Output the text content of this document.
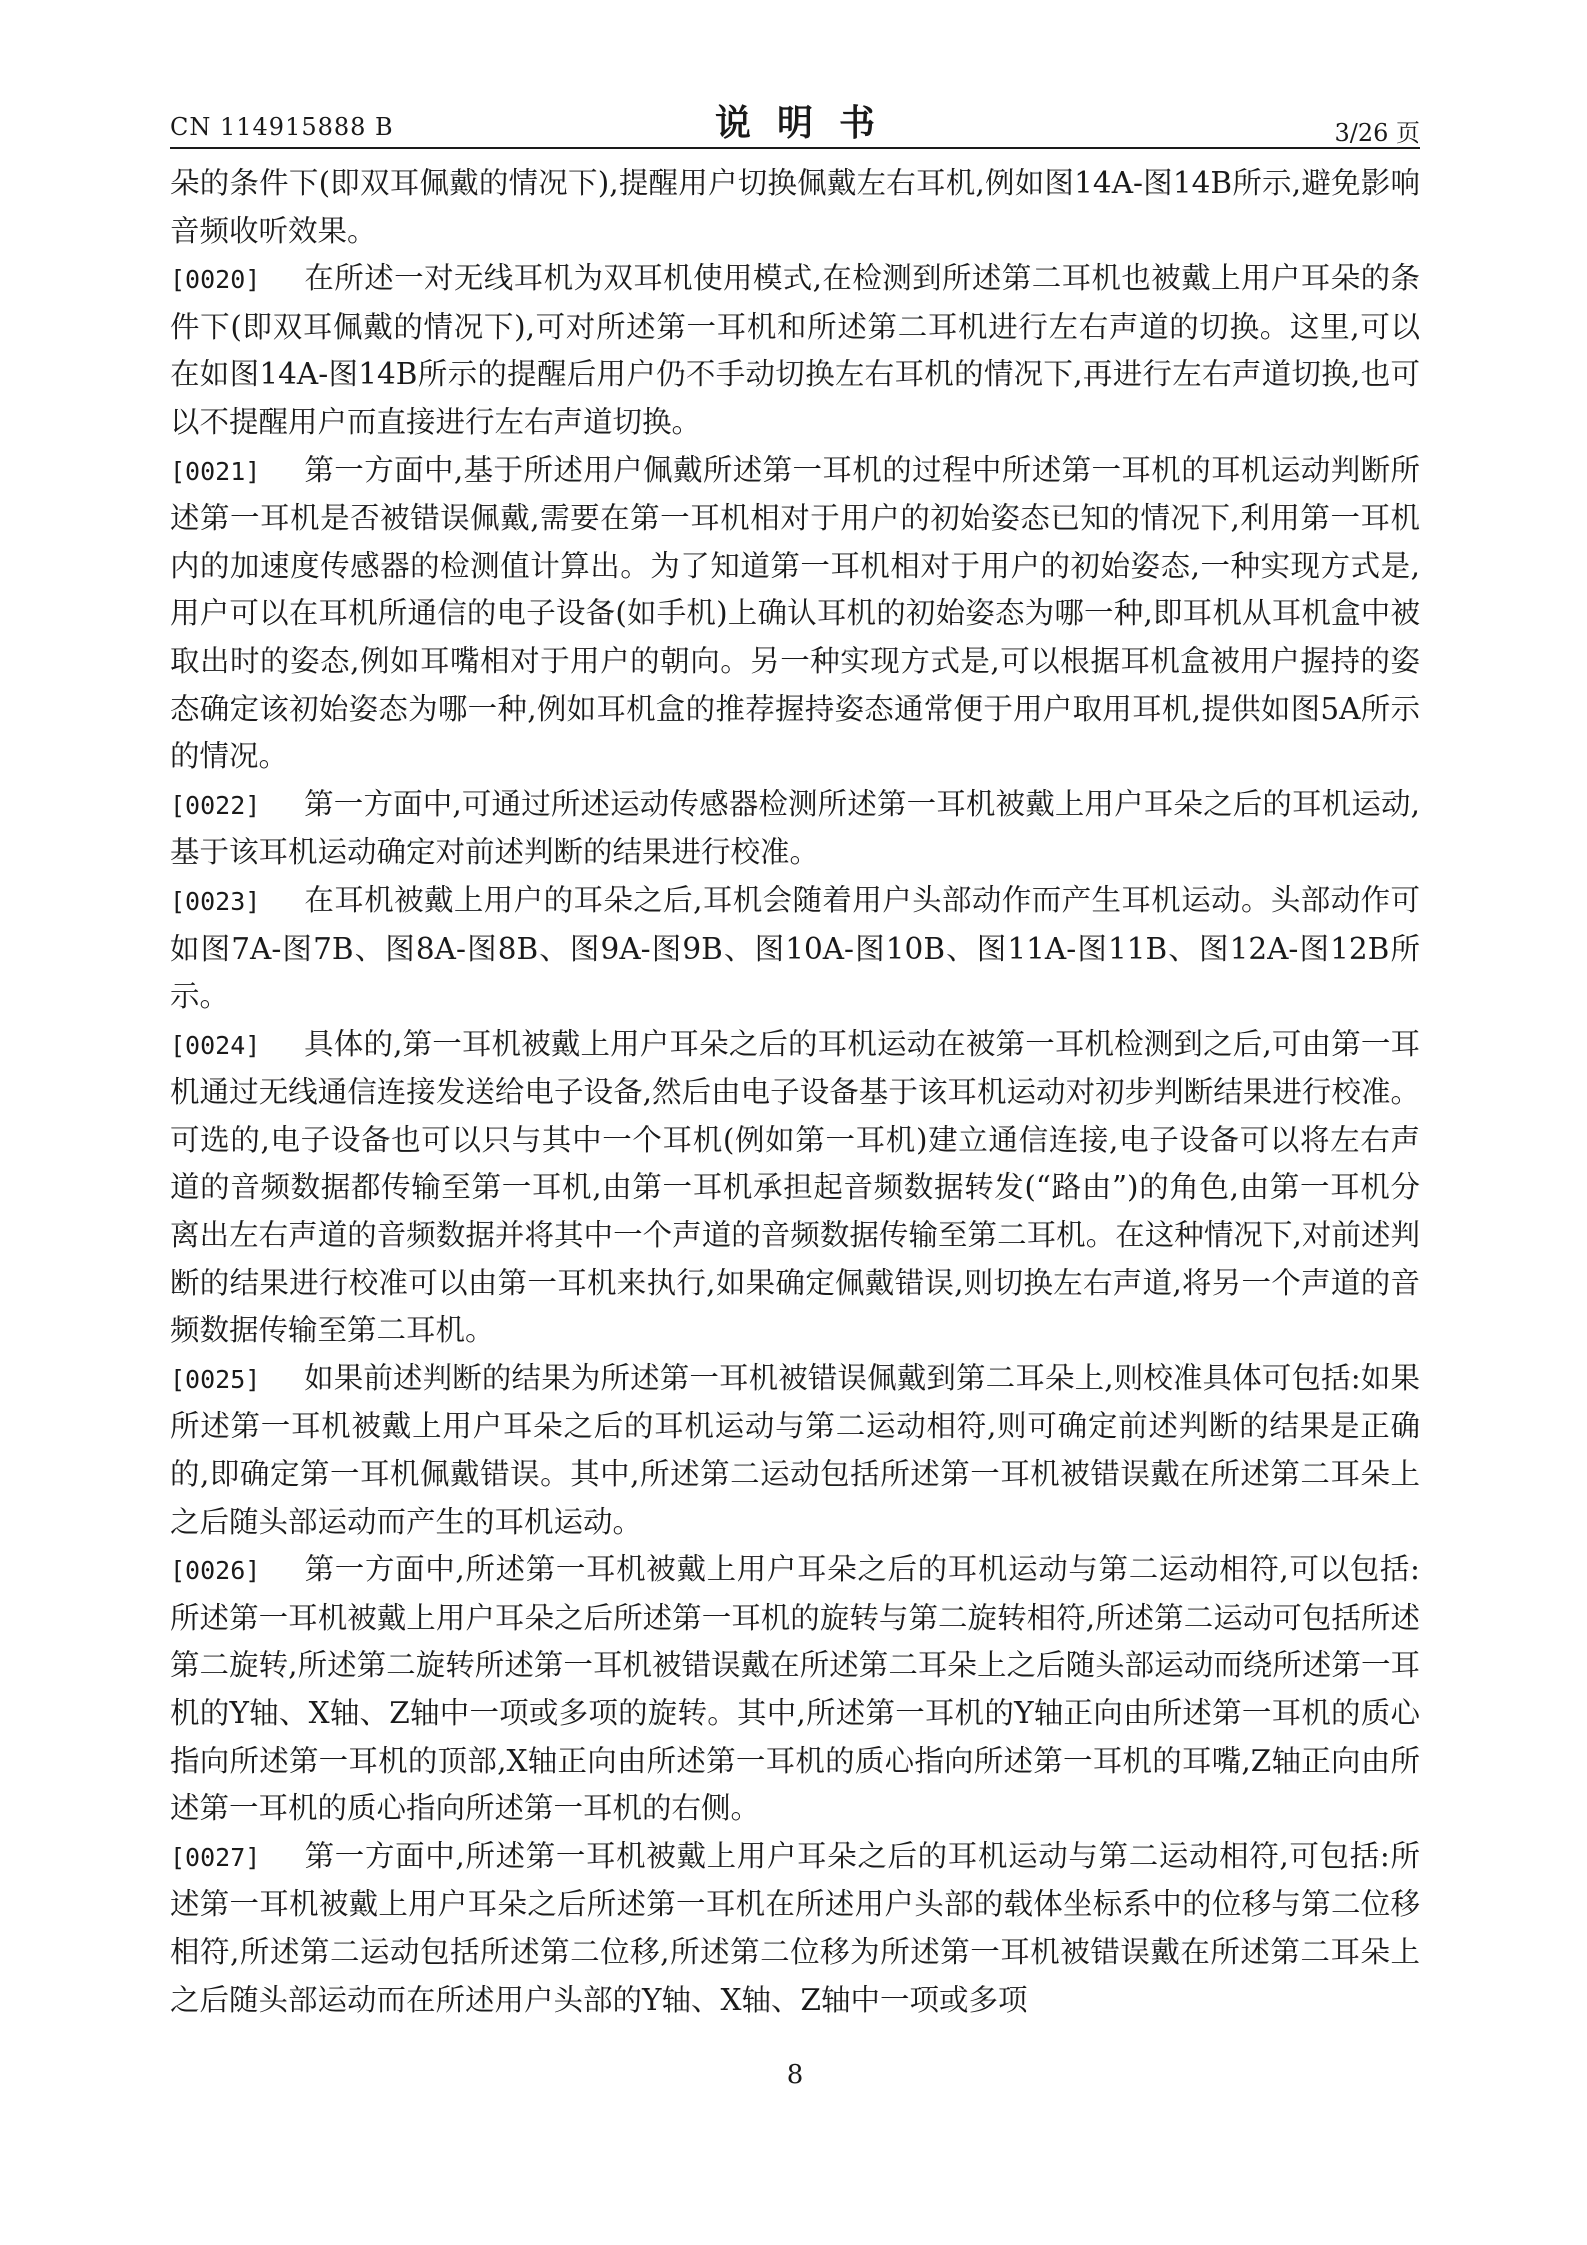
CN 114915888 B	说明书	3/26 页

朵的条件下(即双耳佩戴的情况下),提醒用户切换佩戴左右耳机,例如图14A-图14B所示,避免影响音频收听效果。

[0020] 在所述一对无线耳机为双耳机使用模式,在检测到所述第二耳机也被戴上用户耳朵的条件下(即双耳佩戴的情况下),可对所述第一耳机和所述第二耳机进行左右声道的切换。这里,可以在如图14A-图14B所示的提醒后用户仍不手动切换左右耳机的情况下,再进行左右声道切换,也可以不提醒用户而直接进行左右声道切换。

[0021] 第一方面中,基于所述用户佩戴所述第一耳机的过程中所述第一耳机的耳机运动判断所述第一耳机是否被错误佩戴,需要在第一耳机相对于用户的初始姿态已知的情况下,利用第一耳机内的加速度传感器的检测值计算出。为了知道第一耳机相对于用户的初始姿态,一种实现方式是,用户可以在耳机所通信的电子设备(如手机)上确认耳机的初始姿态为哪一种,即耳机从耳机盒中被取出时的姿态,例如耳嘴相对于用户的朝向。另一种实现方式是,可以根据耳机盒被用户握持的姿态确定该初始姿态为哪一种,例如耳机盒的推荐握持姿态通常便于用户取用耳机,提供如图5A所示的情况。

[0022] 第一方面中,可通过所述运动传感器检测所述第一耳机被戴上用户耳朵之后的耳机运动,基于该耳机运动确定对前述判断的结果进行校准。

[0023] 在耳机被戴上用户的耳朵之后,耳机会随着用户头部动作而产生耳机运动。头部动作可如图7A-图7B、图8A-图8B、图9A-图9B、图10A-图10B、图11A-图11B、图12A-图12B所示。

[0024] 具体的,第一耳机被戴上用户耳朵之后的耳机运动在被第一耳机检测到之后,可由第一耳机通过无线通信连接发送给电子设备,然后由电子设备基于该耳机运动对初步判断结果进行校准。可选的,电子设备也可以只与其中一个耳机(例如第一耳机)建立通信连接,电子设备可以将左右声道的音频数据都传输至第一耳机,由第一耳机承担起音频数据转发(“路由”)的角色,由第一耳机分离出左右声道的音频数据并将其中一个声道的音频数据传输至第二耳机。在这种情况下,对前述判断的结果进行校准可以由第一耳机来执行,如果确定佩戴错误,则切换左右声道,将另一个声道的音频数据传输至第二耳机。

[0025] 如果前述判断的结果为所述第一耳机被错误佩戴到第二耳朵上,则校准具体可包括:如果所述第一耳机被戴上用户耳朵之后的耳机运动与第二运动相符,则可确定前述判断的结果是正确的,即确定第一耳机佩戴错误。其中,所述第二运动包括所述第一耳机被错误戴在所述第二耳朵上之后随头部运动而产生的耳机运动。

[0026] 第一方面中,所述第一耳机被戴上用户耳朵之后的耳机运动与第二运动相符,可以包括:所述第一耳机被戴上用户耳朵之后所述第一耳机的旋转与第二旋转相符,所述第二运动可包括所述第二旋转,所述第二旋转所述第一耳机被错误戴在所述第二耳朵上之后随头部运动而绕所述第一耳机的Y轴、X轴、Z轴中一项或多项的旋转。其中,所述第一耳机的Y轴正向由所述第一耳机的质心指向所述第一耳机的顶部,X轴正向由所述第一耳机的质心指向所述第一耳机的耳嘴,Z轴正向由所述第一耳机的质心指向所述第一耳机的右侧。

[0027] 第一方面中,所述第一耳机被戴上用户耳朵之后的耳机运动与第二运动相符,可包括:所述第一耳机被戴上用户耳朵之后所述第一耳机在所述用户头部的载体坐标系中的位移与第二位移相符,所述第二运动包括所述第二位移,所述第二位移为所述第一耳机被错误戴在所述第二耳朵上之后随头部运动而在所述用户头部的Y轴、X轴、Z轴中一项或多项

8
